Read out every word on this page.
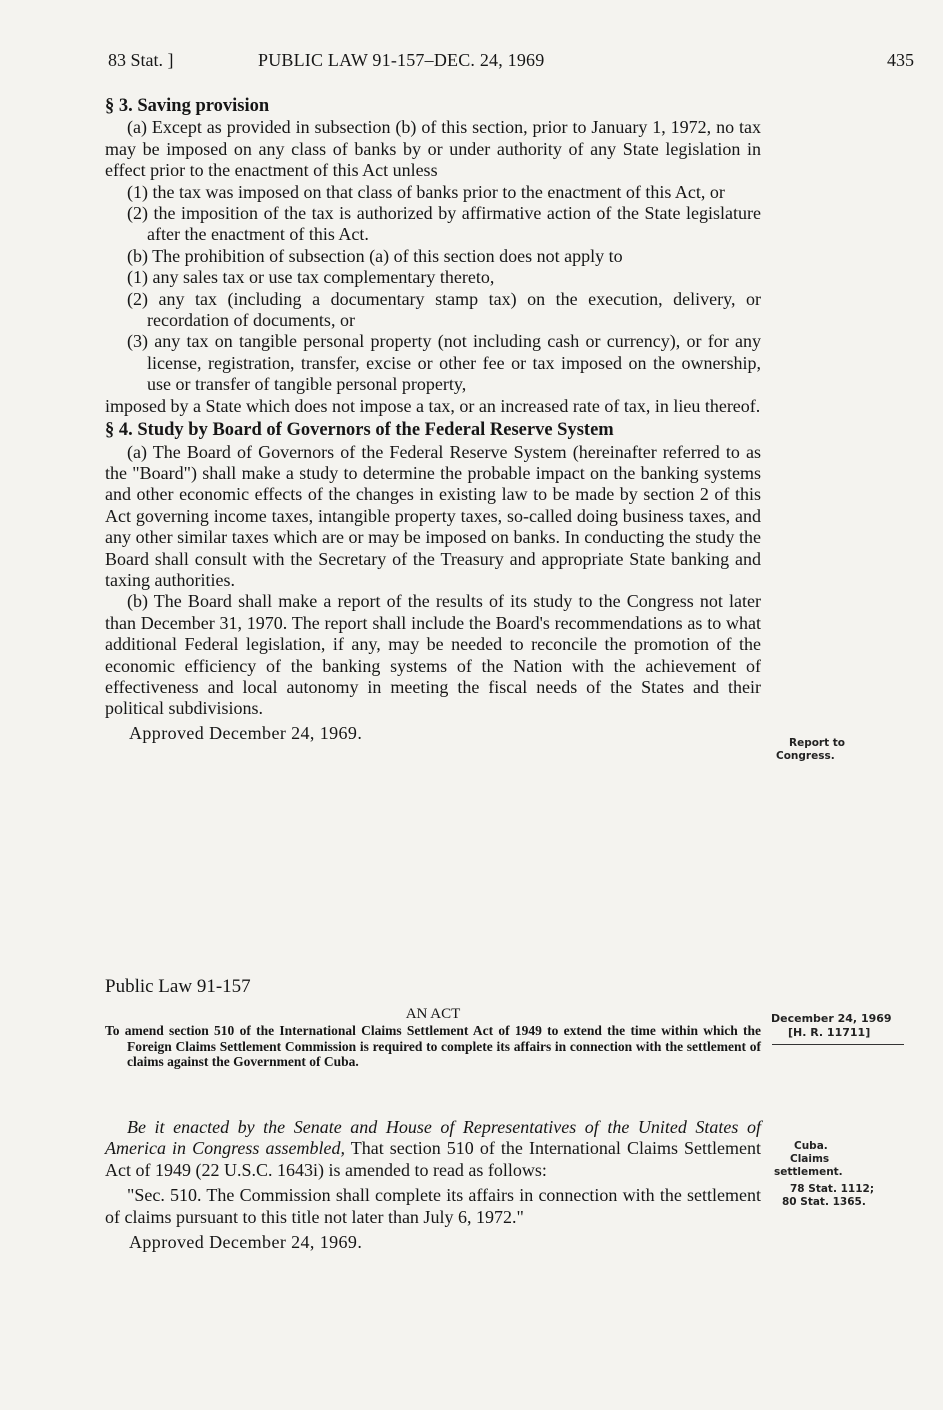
83 Stat. ]	PUBLIC LAW 91-157–DEC. 24, 1969	435

§ 3. Saving provision

(a) Except as provided in subsection (b) of this section, prior to January 1, 1972, no tax may be imposed on any class of banks by or under authority of any State legislation in effect prior to the enactment of this Act unless

(1) the tax was imposed on that class of banks prior to the enactment of this Act, or

(2) the imposition of the tax is authorized by affirmative action of the State legislature after the enactment of this Act.

(b) The prohibition of subsection (a) of this section does not apply to

(1) any sales tax or use tax complementary thereto,

(2) any tax (including a documentary stamp tax) on the execution, delivery, or recordation of documents, or

(3) any tax on tangible personal property (not including cash or currency), or for any license, registration, transfer, excise or other fee or tax imposed on the ownership, use or transfer of tangible personal property,

imposed by a State which does not impose a tax, or an increased rate of tax, in lieu thereof.

§ 4. Study by Board of Governors of the Federal Reserve System

(a) The Board of Governors of the Federal Reserve System (hereinafter referred to as the "Board") shall make a study to determine the probable impact on the banking systems and other economic effects of the changes in existing law to be made by section 2 of this Act governing income taxes, intangible property taxes, so-called doing business taxes, and any other similar taxes which are or may be imposed on banks. In conducting the study the Board shall consult with the Secretary of the Treasury and appropriate State banking and taxing authorities.

(b) The Board shall make a report of the results of its study to the Congress not later than December 31, 1970. The report shall include the Board's recommendations as to what additional Federal legislation, if any, may be needed to reconcile the promotion of the economic efficiency of the banking systems of the Nation with the achievement of effectiveness and local autonomy in meeting the fiscal needs of the States and their political subdivisions.

Approved December 24, 1969.

Report to
Congress.
Public Law 91-157
AN ACT

To amend section 510 of the International Claims Settlement Act of 1949 to extend the time within which the Foreign Claims Settlement Commission is required to complete its affairs in connection with the settlement of claims against the Government of Cuba.

December 24, 1969
[H. R. 11711]

Be it enacted by the Senate and House of Representatives of the United States of America in Congress assembled, That section 510 of the International Claims Settlement Act of 1949 (22 U.S.C. 1643i) is amended to read as follows:

"Sec. 510. The Commission shall complete its affairs in connection with the settlement of claims pursuant to this title not later than July 6, 1972."

Approved December 24, 1969.

Cuba.
Claims
settlement.
78 Stat. 1112;
80 Stat. 1365.
